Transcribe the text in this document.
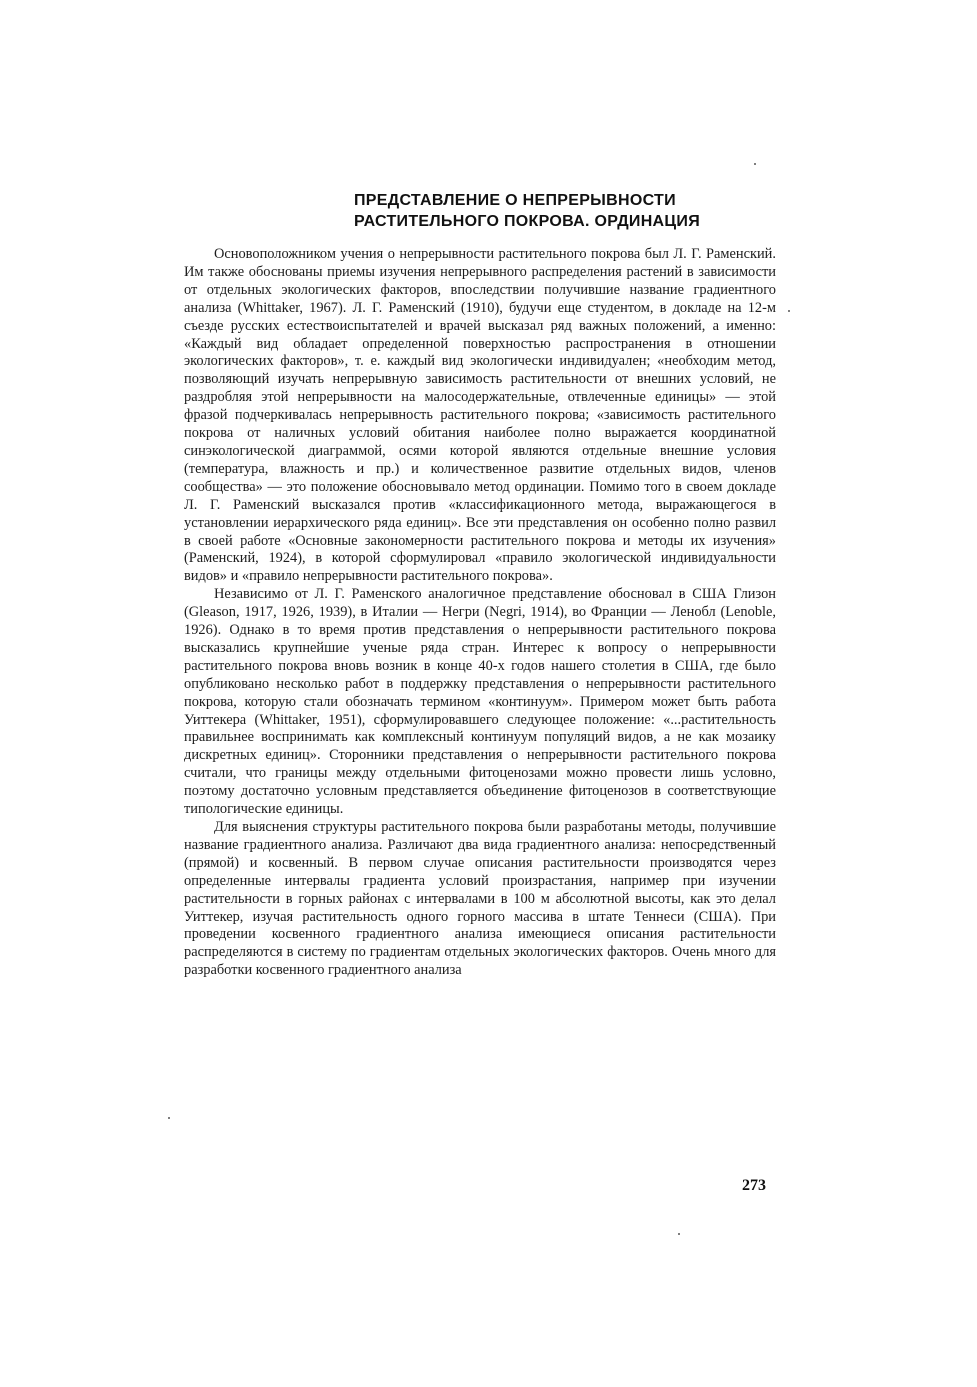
ПРЕДСТАВЛЕНИЕ О НЕПРЕРЫВНОСТИ
РАСТИТЕЛЬНОГО ПОКРОВА. ОРДИНАЦИЯ

Основоположником учения о непрерывности растительного покрова был Л. Г. Раменский. Им также обоснованы приемы изучения непрерывного распределения растений в зависимости от отдельных экологических факторов, впоследствии получившие название градиентного анализа (Whittaker, 1967). Л. Г. Раменский (1910), будучи еще студентом, в докладе на 12-м съезде русских естествоиспытателей и врачей высказал ряд важных положений, а именно: «Каждый вид обладает определенной поверхностью распространения в отношении экологических факторов», т. е. каждый вид экологически индивидуален; «необходим метод, позволяющий изучать непрерывную зависимость растительности от внешних условий, не раздробляя этой непрерывности на малосодержательные, отвлеченные единицы» — этой фразой подчеркивалась непрерывность растительного покрова; «зависимость растительного покрова от наличных условий обитания наиболее полно выражается координатной синэкологической диаграммой, осями которой являются отдельные внешние условия (температура, влажность и пр.) и количественное развитие отдельных видов, членов сообщества» — это положение обосновывало метод ординации. Помимо того в своем докладе Л. Г. Раменский высказался против «классификационного метода, выражающегося в установлении иерархического ряда единиц». Все эти представления он особенно полно развил в своей работе «Основные закономерности растительного покрова и методы их изучения» (Раменский, 1924), в которой сформулировал «правило экологической индивидуальности видов» и «правило непрерывности растительного покрова».

Независимо от Л. Г. Раменского аналогичное представление обосновал в США Глизон (Gleason, 1917, 1926, 1939), в Италии — Негри (Negri, 1914), во Франции — Ленобл (Lenoble, 1926). Однако в то время против представления о непрерывности растительного покрова высказались крупнейшие ученые ряда стран. Интерес к вопросу о непрерывности растительного покрова вновь возник в конце 40-х годов нашего столетия в США, где было опубликовано несколько работ в поддержку представления о непрерывности растительного покрова, которую стали обозначать термином «континуум». Примером может быть работа Уиттекера (Whittaker, 1951), сформулировавшего следующее положение: «...растительность правильнее воспринимать как комплексный континуум популяций видов, а не как мозаику дискретных единиц». Сторонники представления о непрерывности растительного покрова считали, что границы между отдельными фитоценозами можно провести лишь условно, поэтому достаточно условным представляется объединение фитоценозов в соответствующие типологические единицы.

Для выяснения структуры растительного покрова были разработаны методы, получившие название градиентного анализа. Различают два вида градиентного анализа: непосредственный (прямой) и косвенный. В первом случае описания растительности производятся через определенные интервалы градиента условий произрастания, например при изучении растительности в горных районах с интервалами в 100 м абсолютной высоты, как это делал Уиттекер, изучая растительность одного горного массива в штате Теннеси (США). При проведении косвенного градиентного анализа имеющиеся описания растительности распределяются в систему по градиентам отдельных экологических факторов. Очень много для разработки косвенного градиентного анализа

273
